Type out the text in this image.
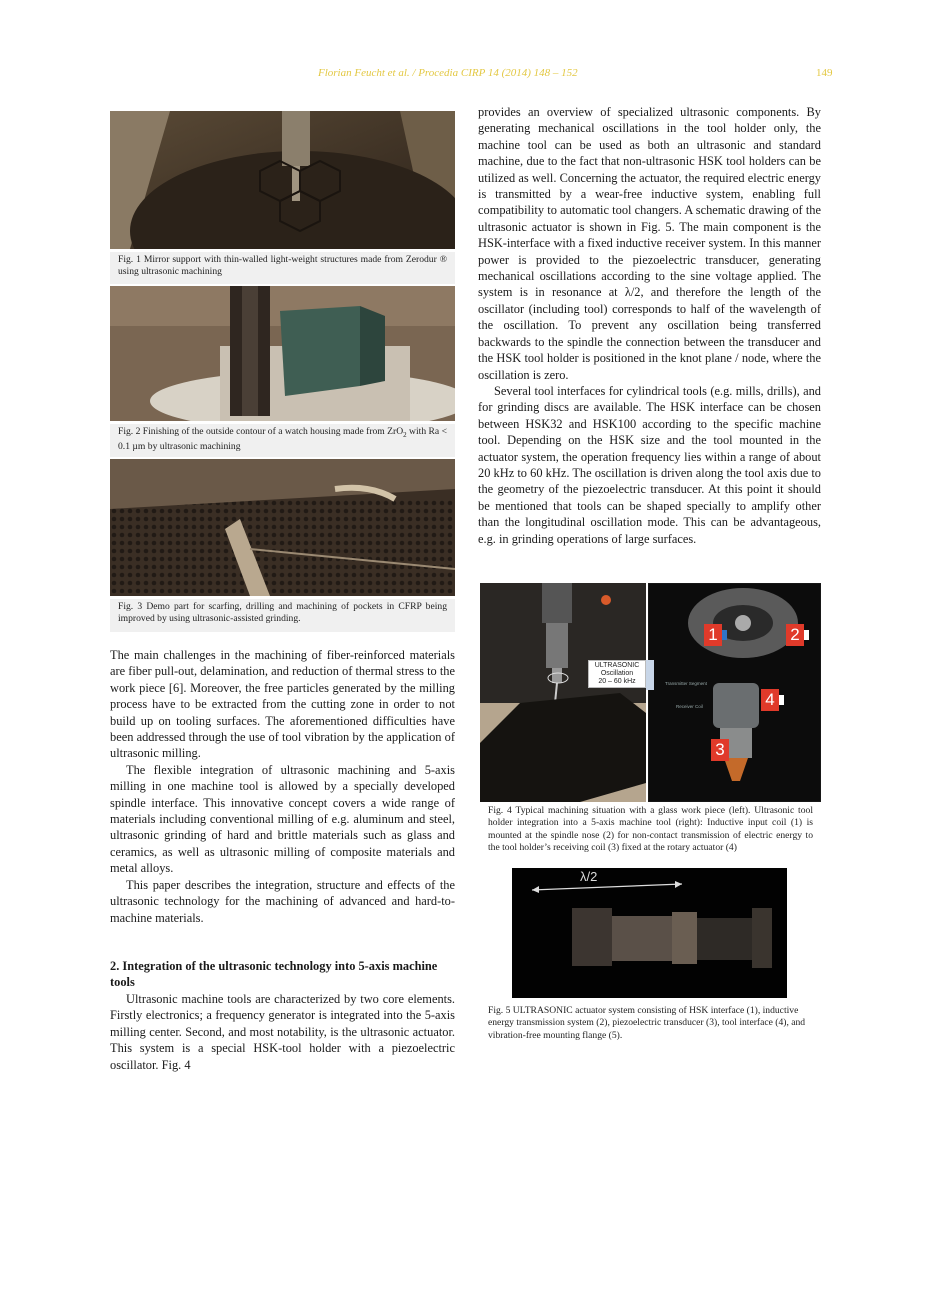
Florian Feucht et al. / Procedia CIRP 14 (2014) 148 – 152	149
Fig. 1 Mirror support with thin-walled light-weight structures made from Zerodur ® using ultrasonic machining
Fig. 2 Finishing of the outside contour of a watch housing made from ZrO$_2$ with Ra < 0.1 µm by ultrasonic machining
Fig. 3 Demo part for scarfing, drilling and machining of pockets in CFRP being improved by using ultrasonic-assisted grinding.

The main challenges in the machining of fiber-reinforced materials are fiber pull-out, delamination, and reduction of thermal stress to the work piece [6]. Moreover, the free particles generated by the milling process have to be extracted from the cutting zone in order to not build up on tooling surfaces. The aforementioned difficulties have been addressed through the use of tool vibration by the application of ultrasonic milling.

The flexible integration of ultrasonic machining and 5-axis milling in one machine tool is allowed by a specially developed spindle interface. This innovative concept covers a wide range of materials including conventional milling of e.g. aluminum and steel, ultrasonic grinding of hard and brittle materials such as glass and ceramics, as well as ultrasonic milling of composite materials and metal alloys.

This paper describes the integration, structure and effects of the ultrasonic technology for the machining of advanced and hard-to-machine materials.

2. Integration of the ultrasonic technology into 5-axis machine tools

Ultrasonic machine tools are characterized by two core elements. Firstly electronics; a frequency generator is integrated into the 5-axis milling center. Second, and most notability, is the ultrasonic actuator. This system is a special HSK-tool holder with a piezoelectric oscillator. Fig. 4

provides an overview of specialized ultrasonic components. By generating mechanical oscillations in the tool holder only, the machine tool can be used as both an ultrasonic and standard machine, due to the fact that non-ultrasonic HSK tool holders can be utilized as well. Concerning the actuator, the required electric energy is transmitted by a wear-free inductive system, enabling full compatibility to automatic tool changers. A schematic drawing of the ultrasonic actuator is shown in Fig. 5. The main component is the HSK-interface with a fixed inductive receiver system. In this manner power is provided to the piezoelectric transducer, generating mechanical oscillations according to the sine voltage applied. The system is in resonance at λ/2, and therefore the length of the oscillator (including tool) corresponds to half of the wavelength of the oscillation. To prevent any oscillation being transferred backwards to the spindle the connection between the transducer and the HSK tool holder is positioned in the knot plane / node, where the oscillation is zero.

Several tool interfaces for cylindrical tools (e.g. mills, drills), and for grinding discs are available. The HSK interface can be chosen between HSK32 and HSK100 according to the specific machine tool. Depending on the HSK size and the tool mounted in the actuator system, the operation frequency lies within a range of about 20 kHz to 60 kHz. The oscillation is driven along the tool axis due to the geometry of the piezoelectric transducer. At this point it should be mentioned that tools can be shaped specially to amplify other than the longitudinal oscillation mode. This can be advantageous, e.g. in grinding operations of large surfaces.

ULTRASONIC
Oscillation
20 – 60 kHz	Transmitter Segment
Receiver Coil
1	2
4
3
Fig. 4 Typical machining situation with a glass work piece (left). Ultrasonic tool holder integration into a 5-axis machine tool (right): Inductive input coil (1) is mounted at the spindle nose (2) for non-contact transmission of electric energy to the tool holder’s receiving coil (3) fixed at the rotary actuator (4)
λ/2
Fig. 5 ULTRASONIC actuator system consisting of HSK interface (1), inductive energy transmission system (2), piezoelectric transducer (3), tool interface (4), and vibration-free mounting flange (5).
